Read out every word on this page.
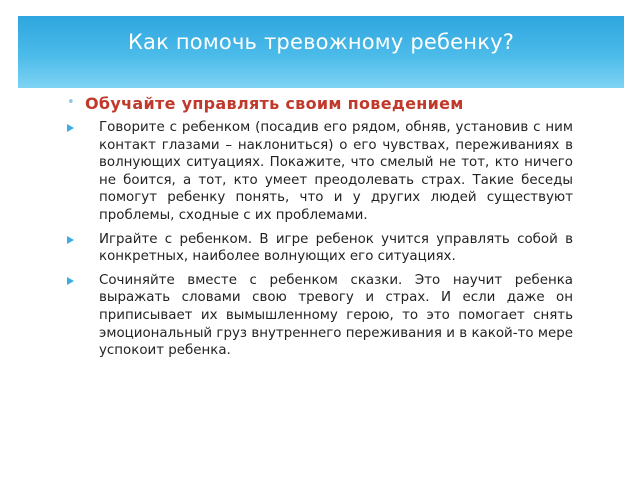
Как помочь тревожному ребенку?
• Обучайте управлять своим поведением
Говорите с ребенком (посадив его рядом, обняв, установив с ним контакт глазами – наклониться) о его чувствах, переживаниях в волнующих ситуациях. Покажите, что смелый не тот, кто ничего не боится, а тот, кто умеет преодолевать страх. Такие беседы помогут ребенку понять, что и у других людей существуют проблемы, сходные с их проблемами.
Играйте с ребенком. В игре ребенок учится управлять собой в конкретных, наиболее волнующих его ситуациях.
Сочиняйте вместе с ребенком сказки. Это научит ребенка выражать словами свою тревогу и страх. И если даже он приписывает их вымышленному герою, то это помогает снять эмоциональный груз внутреннего переживания и в какой-то мере успокоит ребенка.
